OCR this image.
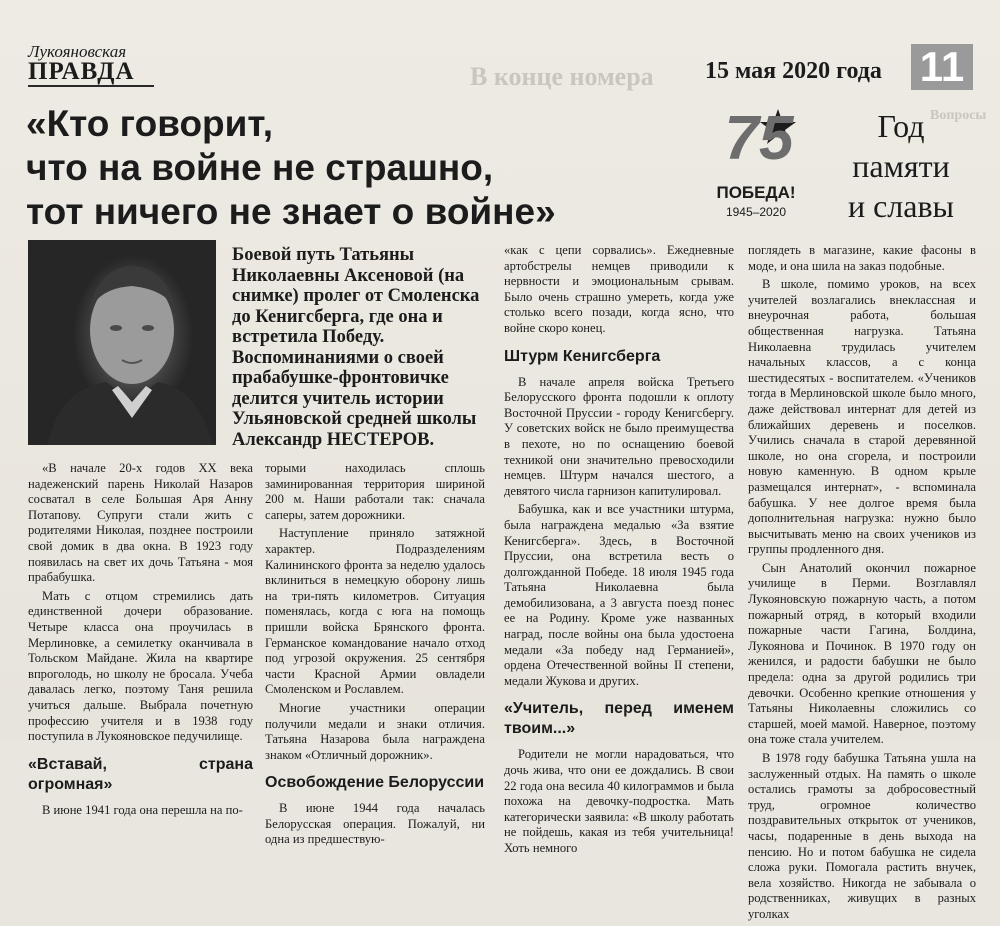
В конце номера
Вопросы
Лукояновская
ПРАВДА	15 мая 2020 года 11
«Кто говорит,
что на войне не страшно,
тот ничего не знает о войне»
75
ПОБЕДА!
1945–2020
Год
памяти
и славы
Боевой путь Татьяны Николаевны Аксеновой (на снимке) пролег от Смоленска до Кенигсберга, где она и встретила Победу. Воспоминаниями о своей прабабушке-фронтовичке делится учитель истории Ульяновской средней школы Александр НЕСТЕРОВ.

«В начале 20-х годов XX века надеженский парень Николай Назаров сосватал в селе Большая Аря Анну Потапову. Супруги стали жить с родителями Николая, позднее построили свой домик в два окна. В 1923 году появилась на свет их дочь Татьяна - моя прабабушка.

Мать с отцом стремились дать единственной дочери образование. Четыре класса она проучилась в Мерлиновке, а семилетку оканчивала в Тольском Майдане. Жила на квартире впроголодь, но школу не бросала. Учеба давалась легко, поэтому Таня решила учиться дальше. Выбрала почетную профессию учителя и в 1938 году поступила в Лукояновское педучилище.

«Вставай, страна огромная»

В июне 1941 года она перешла на по-

торыми находилась сплошь заминированная территория шириной 200 м. Наши работали так: сначала саперы, затем дорожники.

Наступление приняло затяжной характер. Подразделениям Калининского фронта за неделю удалось вклиниться в немецкую оборону лишь на три-пять километров. Ситуация поменялась, когда с юга на помощь пришли войска Брянского фронта. Германское командование начало отход под угрозой окружения. 25 сентября части Красной Армии овладели Смоленском и Рославлем.

Многие участники операции получили медали и знаки отличия. Татьяна Назарова была награждена знаком «Отличный дорожник».

Освобождение Белоруссии

В июне 1944 года началась Белорусская операция. Пожалуй, ни одна из предшествую-

«как с цепи сорвались». Ежедневные артобстрелы немцев приводили к нервности и эмоциональным срывам. Было очень страшно умереть, когда уже столько всего позади, когда ясно, что войне скоро конец.

Штурм Кенигсберга

В начале апреля войска Третьего Белорусского фронта подошли к оплоту Восточной Пруссии - городу Кенигсбергу. У советских войск не было преимущества в пехоте, но по оснащению боевой техникой они значительно превосходили немцев. Штурм начался шестого, а девятого числа гарнизон капитулировал.

Бабушка, как и все участники штурма, была награждена медалью «За взятие Кенигсберга». Здесь, в Восточной Пруссии, она встретила весть о долгожданной Победе. 18 июля 1945 года Татьяна Николаевна была демобилизована, а 3 августа поезд понес ее на Родину. Кроме уже названных наград, после войны она была удостоена медали «За победу над Германией», ордена Отечественной войны II степени, медали Жукова и других.

«Учитель, перед именем твоим...»

Родители не могли нарадоваться, что дочь жива, что они ее дождались. В свои 22 года она весила 40 килограммов и была похожа на девочку-подростка. Мать категорически заявила: «В школу работать не пойдешь, какая из тебя учительница! Хоть немного

поглядеть в магазине, какие фасоны в моде, и она шила на заказ подобные.

В школе, помимо уроков, на всех учителей возлагались внеклассная и внеурочная работа, большая общественная нагрузка. Татьяна Николаевна трудилась учителем начальных классов, а с конца шестидесятых - воспитателем. «Учеников тогда в Мерлиновской школе было много, даже действовал интернат для детей из ближайших деревень и поселков. Учились сначала в старой деревянной школе, но она сгорела, и построили новую каменную. В одном крыле размещался интернат», - вспоминала бабушка. У нее долгое время была дополнительная нагрузка: нужно было высчитывать меню на своих учеников из группы продленного дня.

Сын Анатолий окончил пожарное училище в Перми. Возглавлял Лукояновскую пожарную часть, а потом пожарный отряд, в который входили пожарные части Гагина, Болдина, Лукоянова и Починок. В 1970 году он женился, и радости бабушки не было предела: одна за другой родились три девочки. Особенно крепкие отношения у Татьяны Николаевны сложились со старшей, моей мамой. Наверное, поэтому она тоже стала учителем.

В 1978 году бабушка Татьяна ушла на заслуженный отдых. На память о школе остались грамоты за добросовестный труд, огромное количество поздравительных открыток от учеников, часы, подаренные в день выхода на пенсию. Но и потом бабушка не сидела сложа руки. Помогала растить внучек, вела хозяйство. Никогда не забывала о родственниках, живущих в разных уголках
